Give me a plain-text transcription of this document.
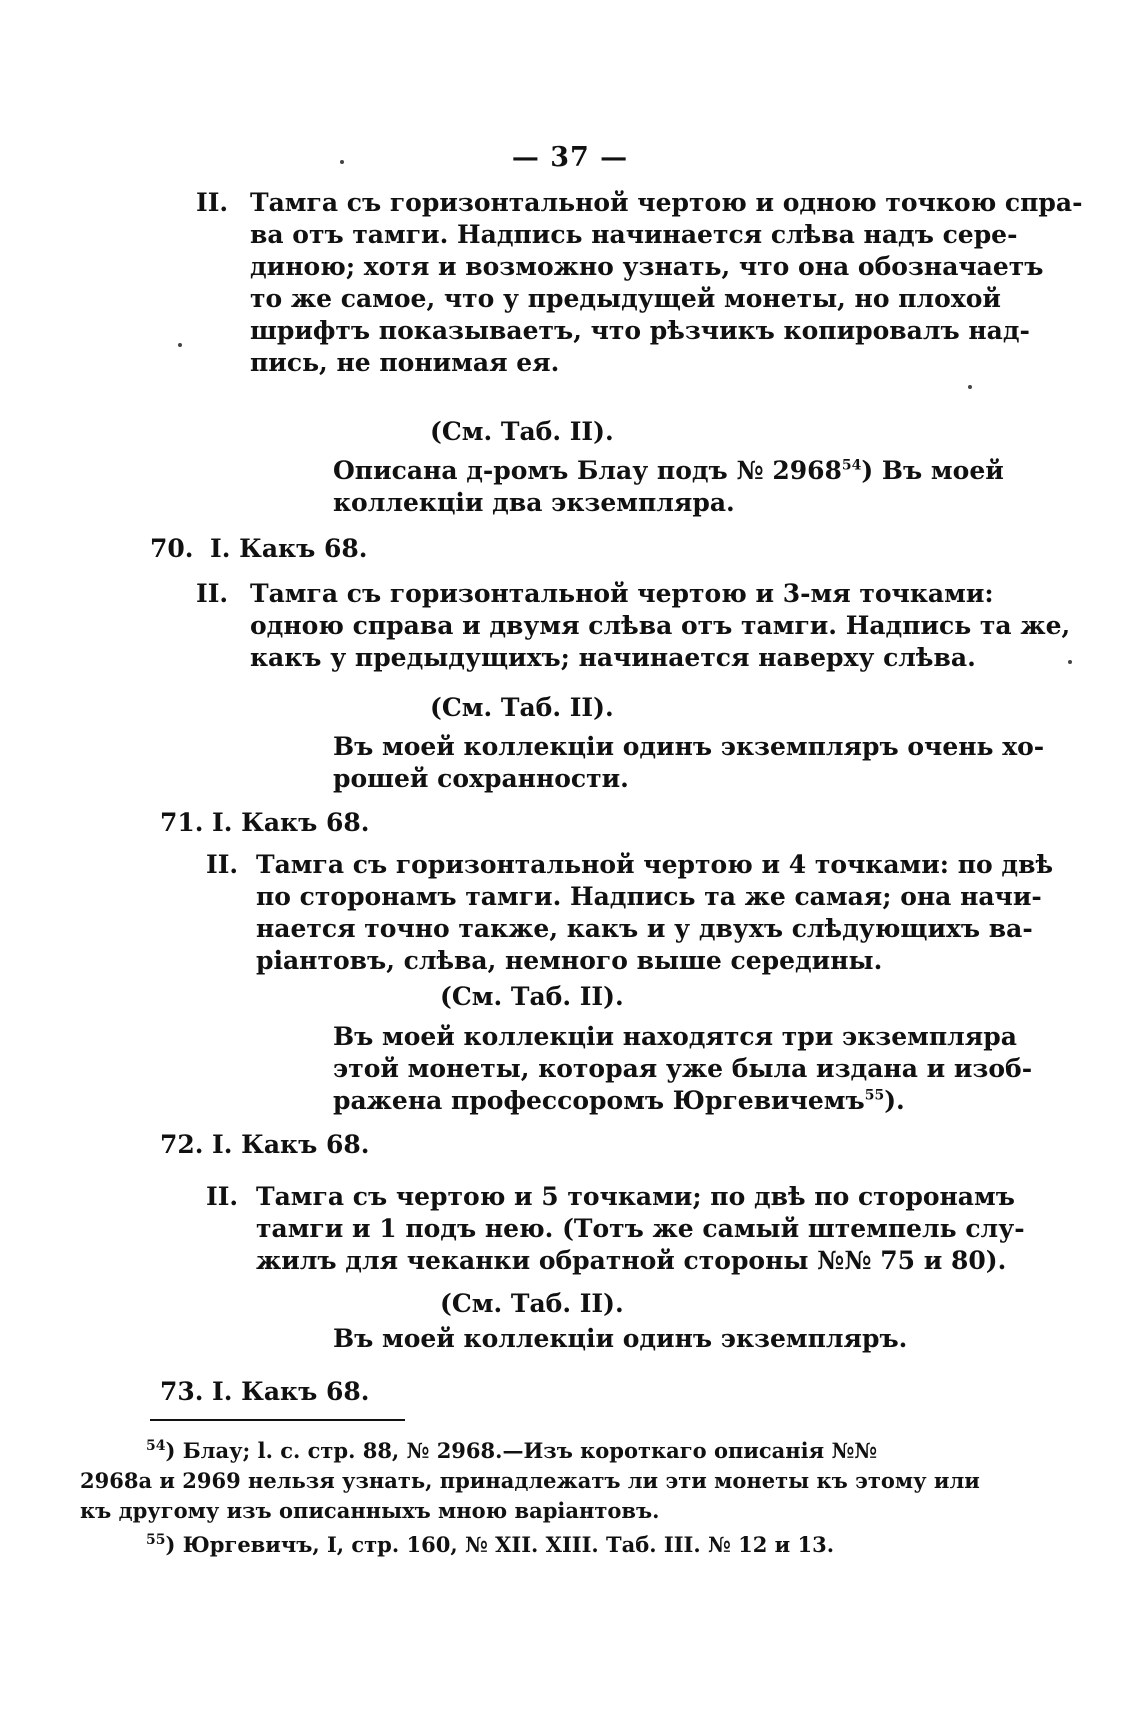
— 37 —
II. Тамга съ горизонтальной чертою и одною точкою спра-
ва отъ тамги. Надпись начинается слѣва надъ сере-
диною; хотя и возможно узнать, что она обозначаетъ
то же самое, что у предыдущей монеты, но плохой
шрифтъ показываетъ, что рѣзчикъ копировалъ над-
пись, не понимая ея.
(См. Таб. II).
Описана д-ромъ Блау подъ № 2968$^{54}$) Въ моей
коллекціи два экземпляра.
70. I. Какъ 68.
II. Тамга съ горизонтальной чертою и 3-мя точками:
одною справа и двумя слѣва отъ тамги. Надпись та же,
какъ у предыдущихъ; начинается наверху слѣва.
(См. Таб. II).
Въ моей коллекціи одинъ экземпляръ очень хо-
рошей сохранности.
71. I. Какъ 68.
II. Тамга съ горизонтальной чертою и 4 точками: по двѣ
по сторонамъ тамги. Надпись та же самая; она начи-
нается точно также, какъ и у двухъ слѣдующихъ ва-
ріантовъ, слѣва, немного выше середины.
(См. Таб. II).
Въ моей коллекціи находятся три экземпляра
этой монеты, которая уже была издана и изоб-
ражена профессоромъ Юргевичемъ$^{55}$).
72. I. Какъ 68.
II. Тамга съ чертою и 5 точками; по двѣ по сторонамъ
тамги и 1 подъ нею. (Тотъ же самый штемпель слу-
жилъ для чеканки обратной стороны №№ 75 и 80).
(См. Таб. II).
Въ моей коллекціи одинъ экземпляръ.
73. I. Какъ 68.
$^{54}$) Блау; l. c. стр. 88, № 2968.—Изъ короткаго описанія №№
2968a и 2969 нельзя узнать, принадлежатъ ли эти монеты къ этому или
къ другому изъ описанныхъ мною варіантовъ.
$^{55}$) Юргевичъ, I, стр. 160, № XII. XIII. Таб. III. № 12 и 13.
